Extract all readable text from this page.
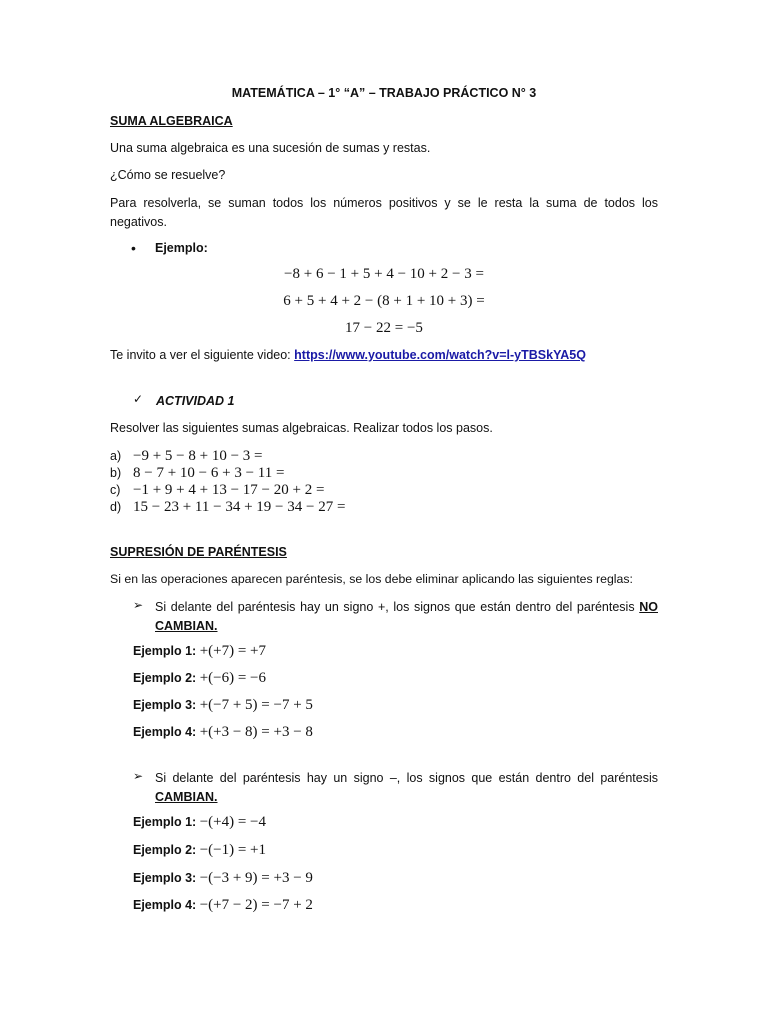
MATEMÁTICA – 1° “A” – TRABAJO PRÁCTICO N° 3
SUMA ALGEBRAICA
Una suma algebraica es una sucesión de sumas y restas.
¿Cómo se resuelve?
Para resolverla, se suman todos los números positivos y se le resta la suma de todos los negativos.
• Ejemplo:
−8 + 6 − 1 + 5 + 4 − 10 + 2 − 3 =
6 + 5 + 4 + 2 − (8 + 1 + 10 + 3) =
17 − 22 = −5
Te invito a ver el siguiente video: https://www.youtube.com/watch?v=l-yTBSkYA5Q
✓ ACTIVIDAD 1
Resolver las siguientes sumas algebraicas. Realizar todos los pasos.
a) −9 + 5 − 8 + 10 − 3 =
b) 8 − 7 + 10 − 6 + 3 − 11 =
c) −1 + 9 + 4 + 13 − 17 − 20 + 2 =
d) 15 − 23 + 11 − 34 + 19 − 34 − 27 =
SUPRESIÓN DE PARÉNTESIS
Si en las operaciones aparecen paréntesis, se los debe eliminar aplicando las siguientes reglas:
➢ Si delante del paréntesis hay un signo +, los signos que están dentro del paréntesis NO CAMBIAN.
Ejemplo 1: +(+7) = +7
Ejemplo 2: +(−6) = −6
Ejemplo 3: +(−7 + 5) = −7 + 5
Ejemplo 4: +(+3 − 8) = +3 − 8
➢ Si delante del paréntesis hay un signo –, los signos que están dentro del paréntesis CAMBIAN.
Ejemplo 1: −(+4) = −4
Ejemplo 2: −(−1) = +1
Ejemplo 3: −(−3 + 9) = +3 − 9
Ejemplo 4: −(+7 − 2) = −7 + 2
